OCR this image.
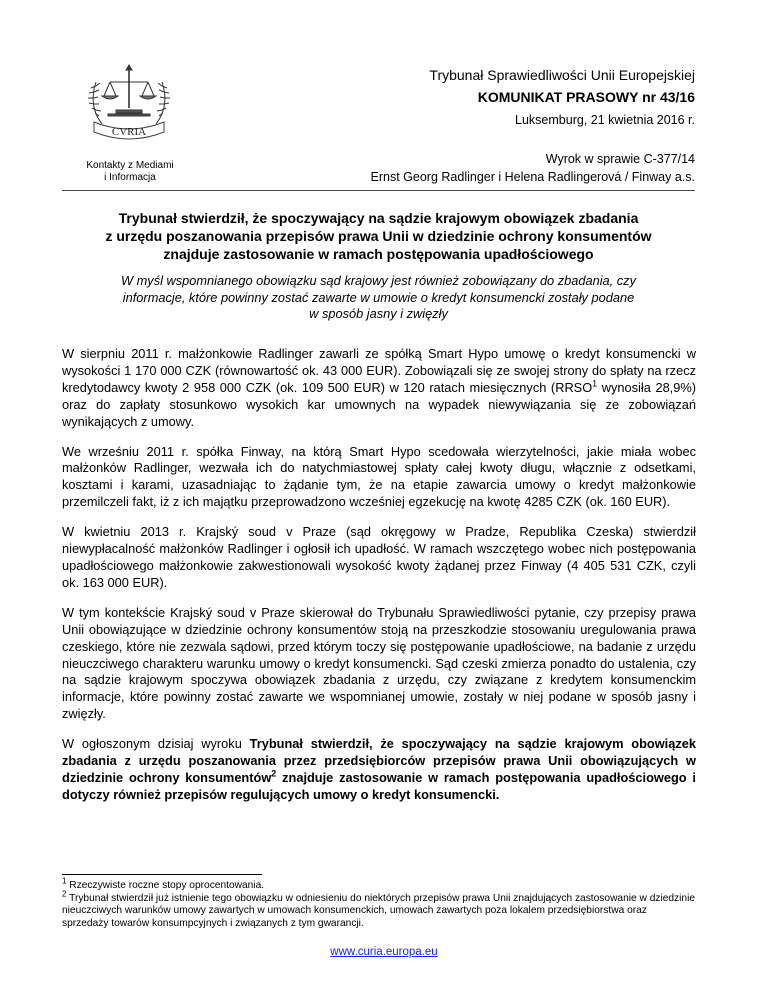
CVRIA
Kontakty z Mediami
i Informacja
Trybunał Sprawiedliwości Unii Europejskiej
KOMUNIKAT PRASOWY nr 43/16
Luksemburg, 21 kwietnia 2016 r.
Wyrok w sprawie C-377/14
Ernst Georg Radlinger i Helena Radlingerová / Finway a.s.
Trybunał stwierdził, że spoczywający na sądzie krajowym obowiązek zbadania
z urzędu poszanowania przepisów prawa Unii w dziedzinie ochrony konsumentów
znajduje zastosowanie w ramach postępowania upadłościowego
W myśl wspomnianego obowiązku sąd krajowy jest również zobowiązany do zbadania, czy
informacje, które powinny zostać zawarte w umowie o kredyt konsumencki zostały podane
w sposób jasny i zwięzły

W sierpniu 2011 r. małżonkowie Radlinger zawarli ze spółką Smart Hypo umowę o kredyt konsumencki w wysokości 1 170 000 CZK (równowartość ok. 43 000 EUR). Zobowiązali się ze swojej strony do spłaty na rzecz kredytodawcy kwoty 2 958 000 CZK (ok. 109 500 EUR) w 120 ratach miesięcznych (RRSO$^1$ wynosiła 28,9%) oraz do zapłaty stosunkowo wysokich kar umownych na wypadek niewywiązania się ze zobowiązań wynikających z umowy.

We wrześniu 2011 r. spółka Finway, na którą Smart Hypo scedowała wierzytelności, jakie miała wobec małżonków Radlinger, wezwała ich do natychmiastowej spłaty całej kwoty długu, włącznie z odsetkami, kosztami i karami, uzasadniając to żądanie tym, że na etapie zawarcia umowy o kredyt małżonkowie przemilczeli fakt, iż z ich majątku przeprowadzono wcześniej egzekucję na kwotę 4285 CZK (ok. 160 EUR).

W kwietniu 2013 r. Krajský soud v Praze (sąd okręgowy w Pradze, Republika Czeska) stwierdził niewypłacalność małżonków Radlinger i ogłosił ich upadłość. W ramach wszczętego wobec nich postępowania upadłościowego małżonkowie zakwestionowali wysokość kwoty żądanej przez Finway (4 405 531 CZK, czyli ok. 163 000 EUR).

W tym kontekście Krajský soud v Praze skierował do Trybunału Sprawiedliwości pytanie, czy przepisy prawa Unii obowiązujące w dziedzinie ochrony konsumentów stoją na przeszkodzie stosowaniu uregulowania prawa czeskiego, które nie zezwala sądowi, przed którym toczy się postępowanie upadłościowe, na badanie z urzędu nieuczciwego charakteru warunku umowy o kredyt konsumencki. Sąd czeski zmierza ponadto do ustalenia, czy na sądzie krajowym spoczywa obowiązek zbadania z urzędu, czy związane z kredytem konsumenckim informacje, które powinny zostać zawarte we wspomnianej umowie, zostały w niej podane w sposób jasny i zwięzły.

W ogłoszonym dzisiaj wyroku Trybunał stwierdził, że spoczywający na sądzie krajowym obowiązek zbadania z urzędu poszanowania przez przedsiębiorców przepisów prawa Unii obowiązujących w dziedzinie ochrony konsumentów$^2$ znajduje zastosowanie w ramach postępowania upadłościowego i dotyczy również przepisów regulujących umowy o kredyt konsumencki.

$^1$ Rzeczywiste roczne stopy oprocentowania.
$^2$ Trybunał stwierdził już istnienie tego obowiązku w odniesieniu do niektórych przepisów prawa Unii znajdujących zastosowanie w dziedzinie nieuczciwych warunków umowy zawartych w umowach konsumenckich, umowach zawartych poza lokalem przedsiębiorstwa oraz sprzedaży towarów konsumpcyjnych i związanych z tym gwarancji.
www.curia.europa.eu
